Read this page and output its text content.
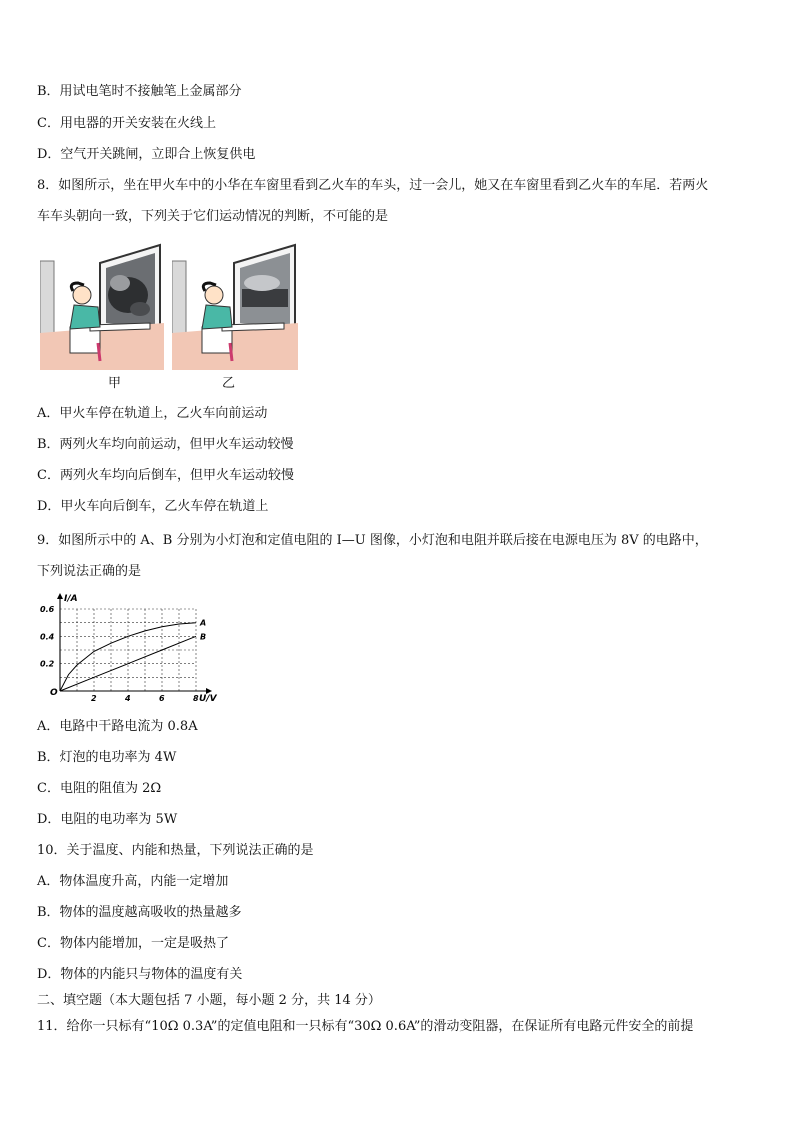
B．用试电笔时不接触笔上金属部分
C．用电器的开关安装在火线上
D．空气开关跳闸，立即合上恢复供电
8．如图所示，坐在甲火车中的小华在车窗里看到乙火车的车头，过一会儿，她又在车窗里看到乙火车的车尾．若两火
车车头朝向一致，下列关于它们运动情况的判断，不可能的是
甲	乙
A．甲火车停在轨道上，乙火车向前运动
B．两列火车均向前运动，但甲火车运动较慢
C．两列火车均向后倒车，但甲火车运动较慢
D．甲火车向后倒车，乙火车停在轨道上
9．如图所示中的 A、B 分别为小灯泡和定值电阻的 I—U 图像，小灯泡和电阻并联后接在电源电压为 8V 的电路中，
下列说法正确的是
2	4	6	8
0.2
0.4
0.6
A
B
U/V
I/A
O
A．电路中干路电流为 0.8A
B．灯泡的电功率为 4W
C．电阻的阻值为 2Ω
D．电阻的电功率为 5W
10．关于温度、内能和热量，下列说法正确的是
A．物体温度升高，内能一定增加
B．物体的温度越高吸收的热量越多
C．物体内能增加，一定是吸热了
D．物体的内能只与物体的温度有关
二、填空题（本大题包括 7 小题，每小题 2 分，共 14 分）
11．给你一只标有“10Ω 0.3A”的定值电阻和一只标有“30Ω 0.6A”的滑动变阻器，在保证所有电路元件安全的前提
